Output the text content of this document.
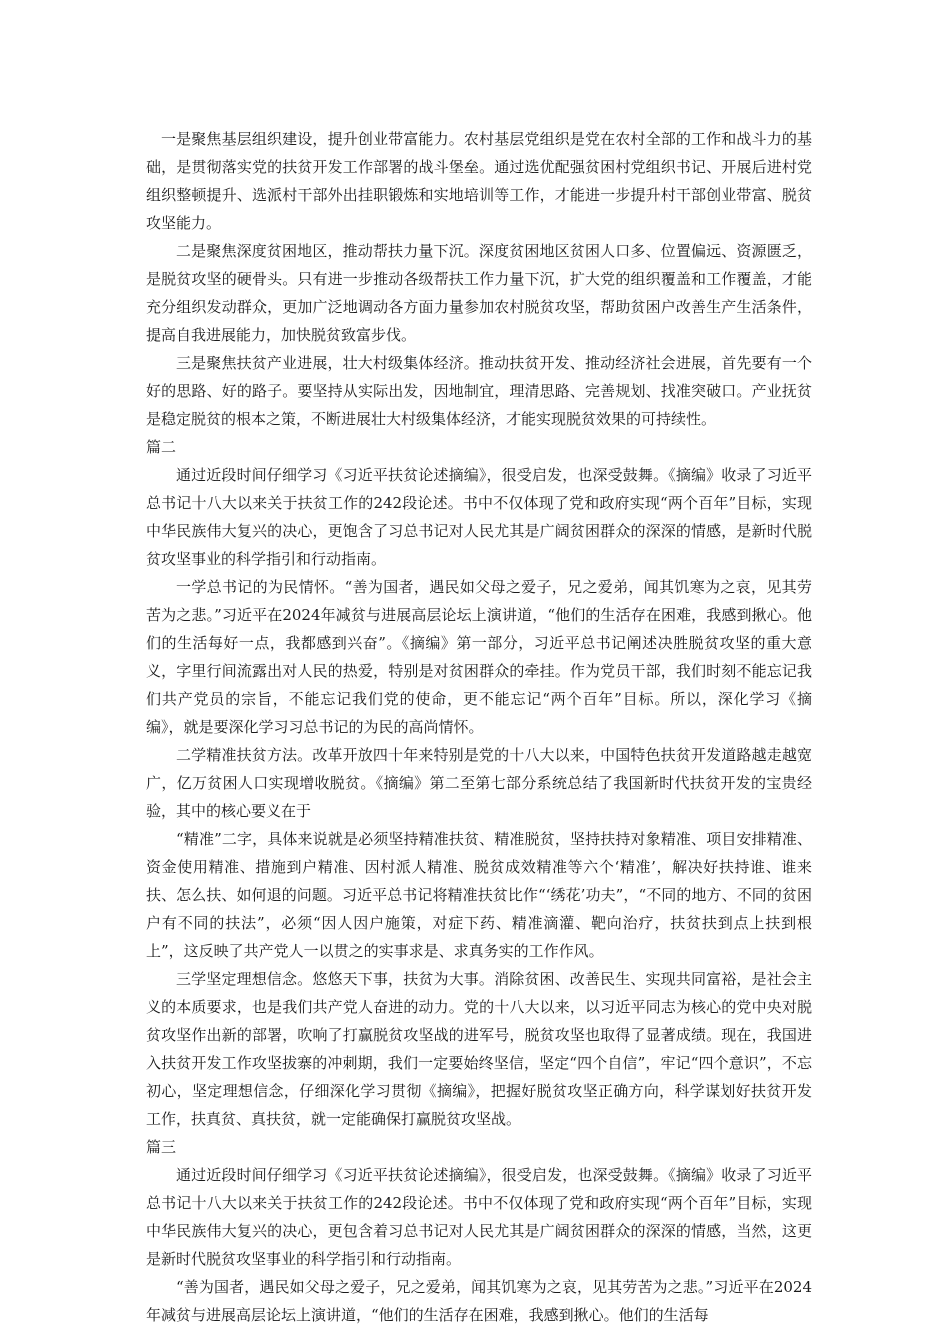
一是聚焦基层组织建设，提升创业带富能力。农村基层党组织是党在农村全部的工作和战斗力的基础，是贯彻落实党的扶贫开发工作部署的战斗堡垒。通过选优配强贫困村党组织书记、开展后进村党组织整顿提升、选派村干部外出挂职锻炼和实地培训等工作，才能进一步提升村干部创业带富、脱贫攻坚能力。

二是聚焦深度贫困地区，推动帮扶力量下沉。深度贫困地区贫困人口多、位置偏远、资源匮乏，是脱贫攻坚的硬骨头。只有进一步推动各级帮扶工作力量下沉，扩大党的组织覆盖和工作覆盖，才能充分组织发动群众，更加广泛地调动各方面力量参加农村脱贫攻坚，帮助贫困户改善生产生活条件，提高自我进展能力，加快脱贫致富步伐。

三是聚焦扶贫产业进展，壮大村级集体经济。推动扶贫开发、推动经济社会进展，首先要有一个好的思路、好的路子。要坚持从实际出发，因地制宜，理清思路、完善规划、找准突破口。产业抚贫是稳定脱贫的根本之策，不断进展壮大村级集体经济，才能实现脱贫效果的可持续性。

篇二

通过近段时间仔细学习《习近平扶贫论述摘编》，很受启发，也深受鼓舞。《摘编》收录了习近平总书记十八大以来关于扶贫工作的242段论述。书中不仅体现了党和政府实现“两个百年”目标，实现中华民族伟大复兴的决心，更饱含了习总书记对人民尤其是广阔贫困群众的深深的情感，是新时代脱贫攻坚事业的科学指引和行动指南。

一学总书记的为民情怀。“善为国者，遇民如父母之爱子，兄之爱弟，闻其饥寒为之哀，见其劳苦为之悲。”习近平在2024年减贫与进展高层论坛上演讲道，“他们的生活存在困难，我感到揪心。他们的生活每好一点，我都感到兴奋”。《摘编》第一部分，习近平总书记阐述决胜脱贫攻坚的重大意义，字里行间流露出对人民的热爱，特别是对贫困群众的牵挂。作为党员干部，我们时刻不能忘记我们共产党员的宗旨，不能忘记我们党的使命，更不能忘记“两个百年”目标。所以，深化学习《摘编》，就是要深化学习习总书记的为民的高尚情怀。

二学精准扶贫方法。改革开放四十年来特别是党的十八大以来，中国特色扶贫开发道路越走越宽广，亿万贫困人口实现增收脱贫。《摘编》第二至第七部分系统总结了我国新时代扶贫开发的宝贵经验，其中的核心要义在于

“精准”二字，具体来说就是必须坚持精准扶贫、精准脱贫，坚持扶持对象精准、项目安排精准、资金使用精准、措施到户精准、因村派人精准、脱贫成效精准等六个‘精准’，解决好扶持谁、谁来扶、怎么扶、如何退的问题。习近平总书记将精准扶贫比作“‘绣花’功夫”，“不同的地方、不同的贫困户有不同的扶法”，必须“因人因户施策，对症下药、精准滴灌、靶向治疗，扶贫扶到点上扶到根上”，这反映了共产党人一以贯之的实事求是、求真务实的工作作风。

三学坚定理想信念。悠悠天下事，扶贫为大事。消除贫困、改善民生、实现共同富裕，是社会主义的本质要求，也是我们共产党人奋进的动力。党的十八大以来，以习近平同志为核心的党中央对脱贫攻坚作出新的部署，吹响了打赢脱贫攻坚战的进军号，脱贫攻坚也取得了显著成绩。现在，我国进入扶贫开发工作攻坚拔寨的冲刺期，我们一定要始终坚信，坚定“四个自信”，牢记“四个意识”，不忘初心，坚定理想信念，仔细深化学习贯彻《摘编》，把握好脱贫攻坚正确方向，科学谋划好扶贫开发工作，扶真贫、真扶贫，就一定能确保打赢脱贫攻坚战。

篇三

通过近段时间仔细学习《习近平扶贫论述摘编》，很受启发，也深受鼓舞。《摘编》收录了习近平总书记十八大以来关于扶贫工作的242段论述。书中不仅体现了党和政府实现“两个百年”目标，实现中华民族伟大复兴的决心，更包含着习总书记对人民尤其是广阔贫困群众的深深的情感，当然，这更是新时代脱贫攻坚事业的科学指引和行动指南。

“善为国者，遇民如父母之爱子，兄之爱弟，闻其饥寒为之哀，见其劳苦为之悲。”习近平在2024年减贫与进展高层论坛上演讲道，“他们的生活存在困难，我感到揪心。他们的生活每
